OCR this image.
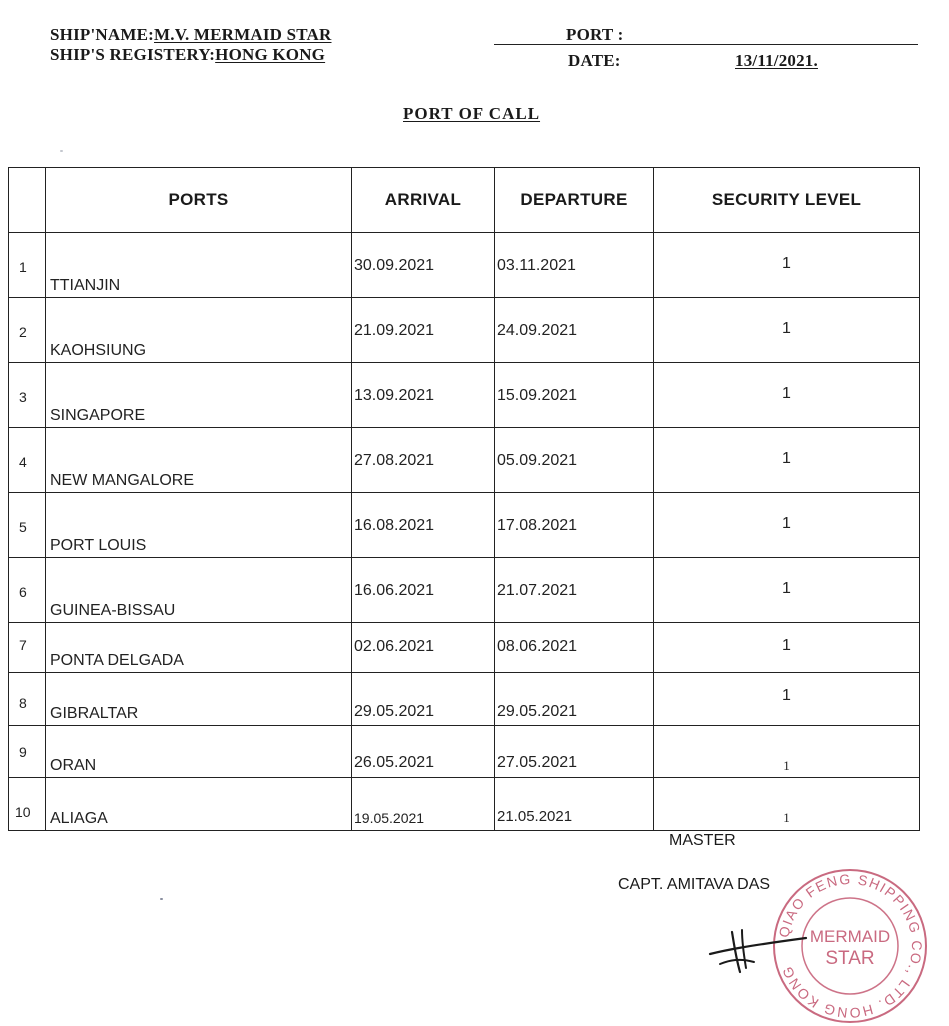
SHIP'NAME:M.V. MERMAID STAR
SHIP'S REGISTERY:HONG KONG
PORT :
DATE:	13/11/2021.
PORT OF CALL
	PORTS	ARRIVAL	DEPARTURE	SECURITY LEVEL

1	TTIANJIN	30.09.2021	03.11.2021	1

2	KAOHSIUNG	21.09.2021	24.09.2021	1

3	SINGAPORE	13.09.2021	15.09.2021	1

4	NEW MANGALORE	27.08.2021	05.09.2021	1

5	PORT LOUIS	16.08.2021	17.08.2021	1

6	GUINEA-BISSAU	16.06.2021	21.07.2021	1

7	PONTA DELGADA	02.06.2021	08.06.2021	1

8	GIBRALTAR	29.05.2021	29.05.2021	1

9	ORAN	26.05.2021	27.05.2021	1

10	ALIAGA	19.05.2021	21.05.2021	1
MASTER
CAPT. AMITAVA DAS
QIAO FENG SHIPPING CO., LTD. HONG KONG
MERMAID
STAR
